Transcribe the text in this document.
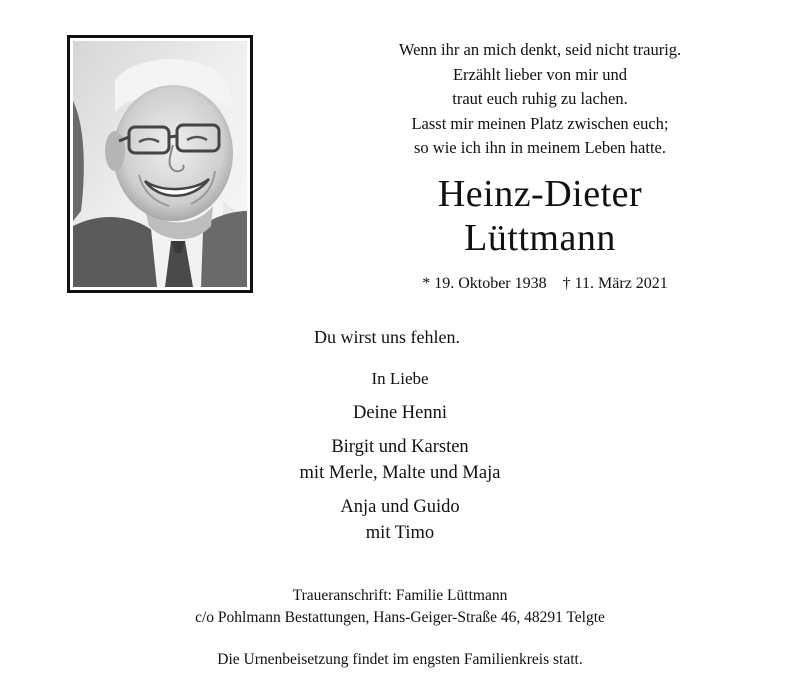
Wenn ihr an mich denkt, seid nicht traurig.
Erzählt lieber von mir und
traut euch ruhig zu lachen.
Lasst mir meinen Platz zwischen euch;
so wie ich ihn in meinem Leben hatte.
Heinz-Dieter
Lüttmann
* 19. Oktober 1938 † 11. März 2021
Du wirst uns fehlen.
In Liebe
Deine Henni
Birgit und Karsten
mit Merle, Malte und Maja
Anja und Guido
mit Timo
Traueranschrift: Familie Lüttmann
c/o Pohlmann Bestattungen, Hans-Geiger-Straße 46, 48291 Telgte
Die Urnenbeisetzung findet im engsten Familienkreis statt.
